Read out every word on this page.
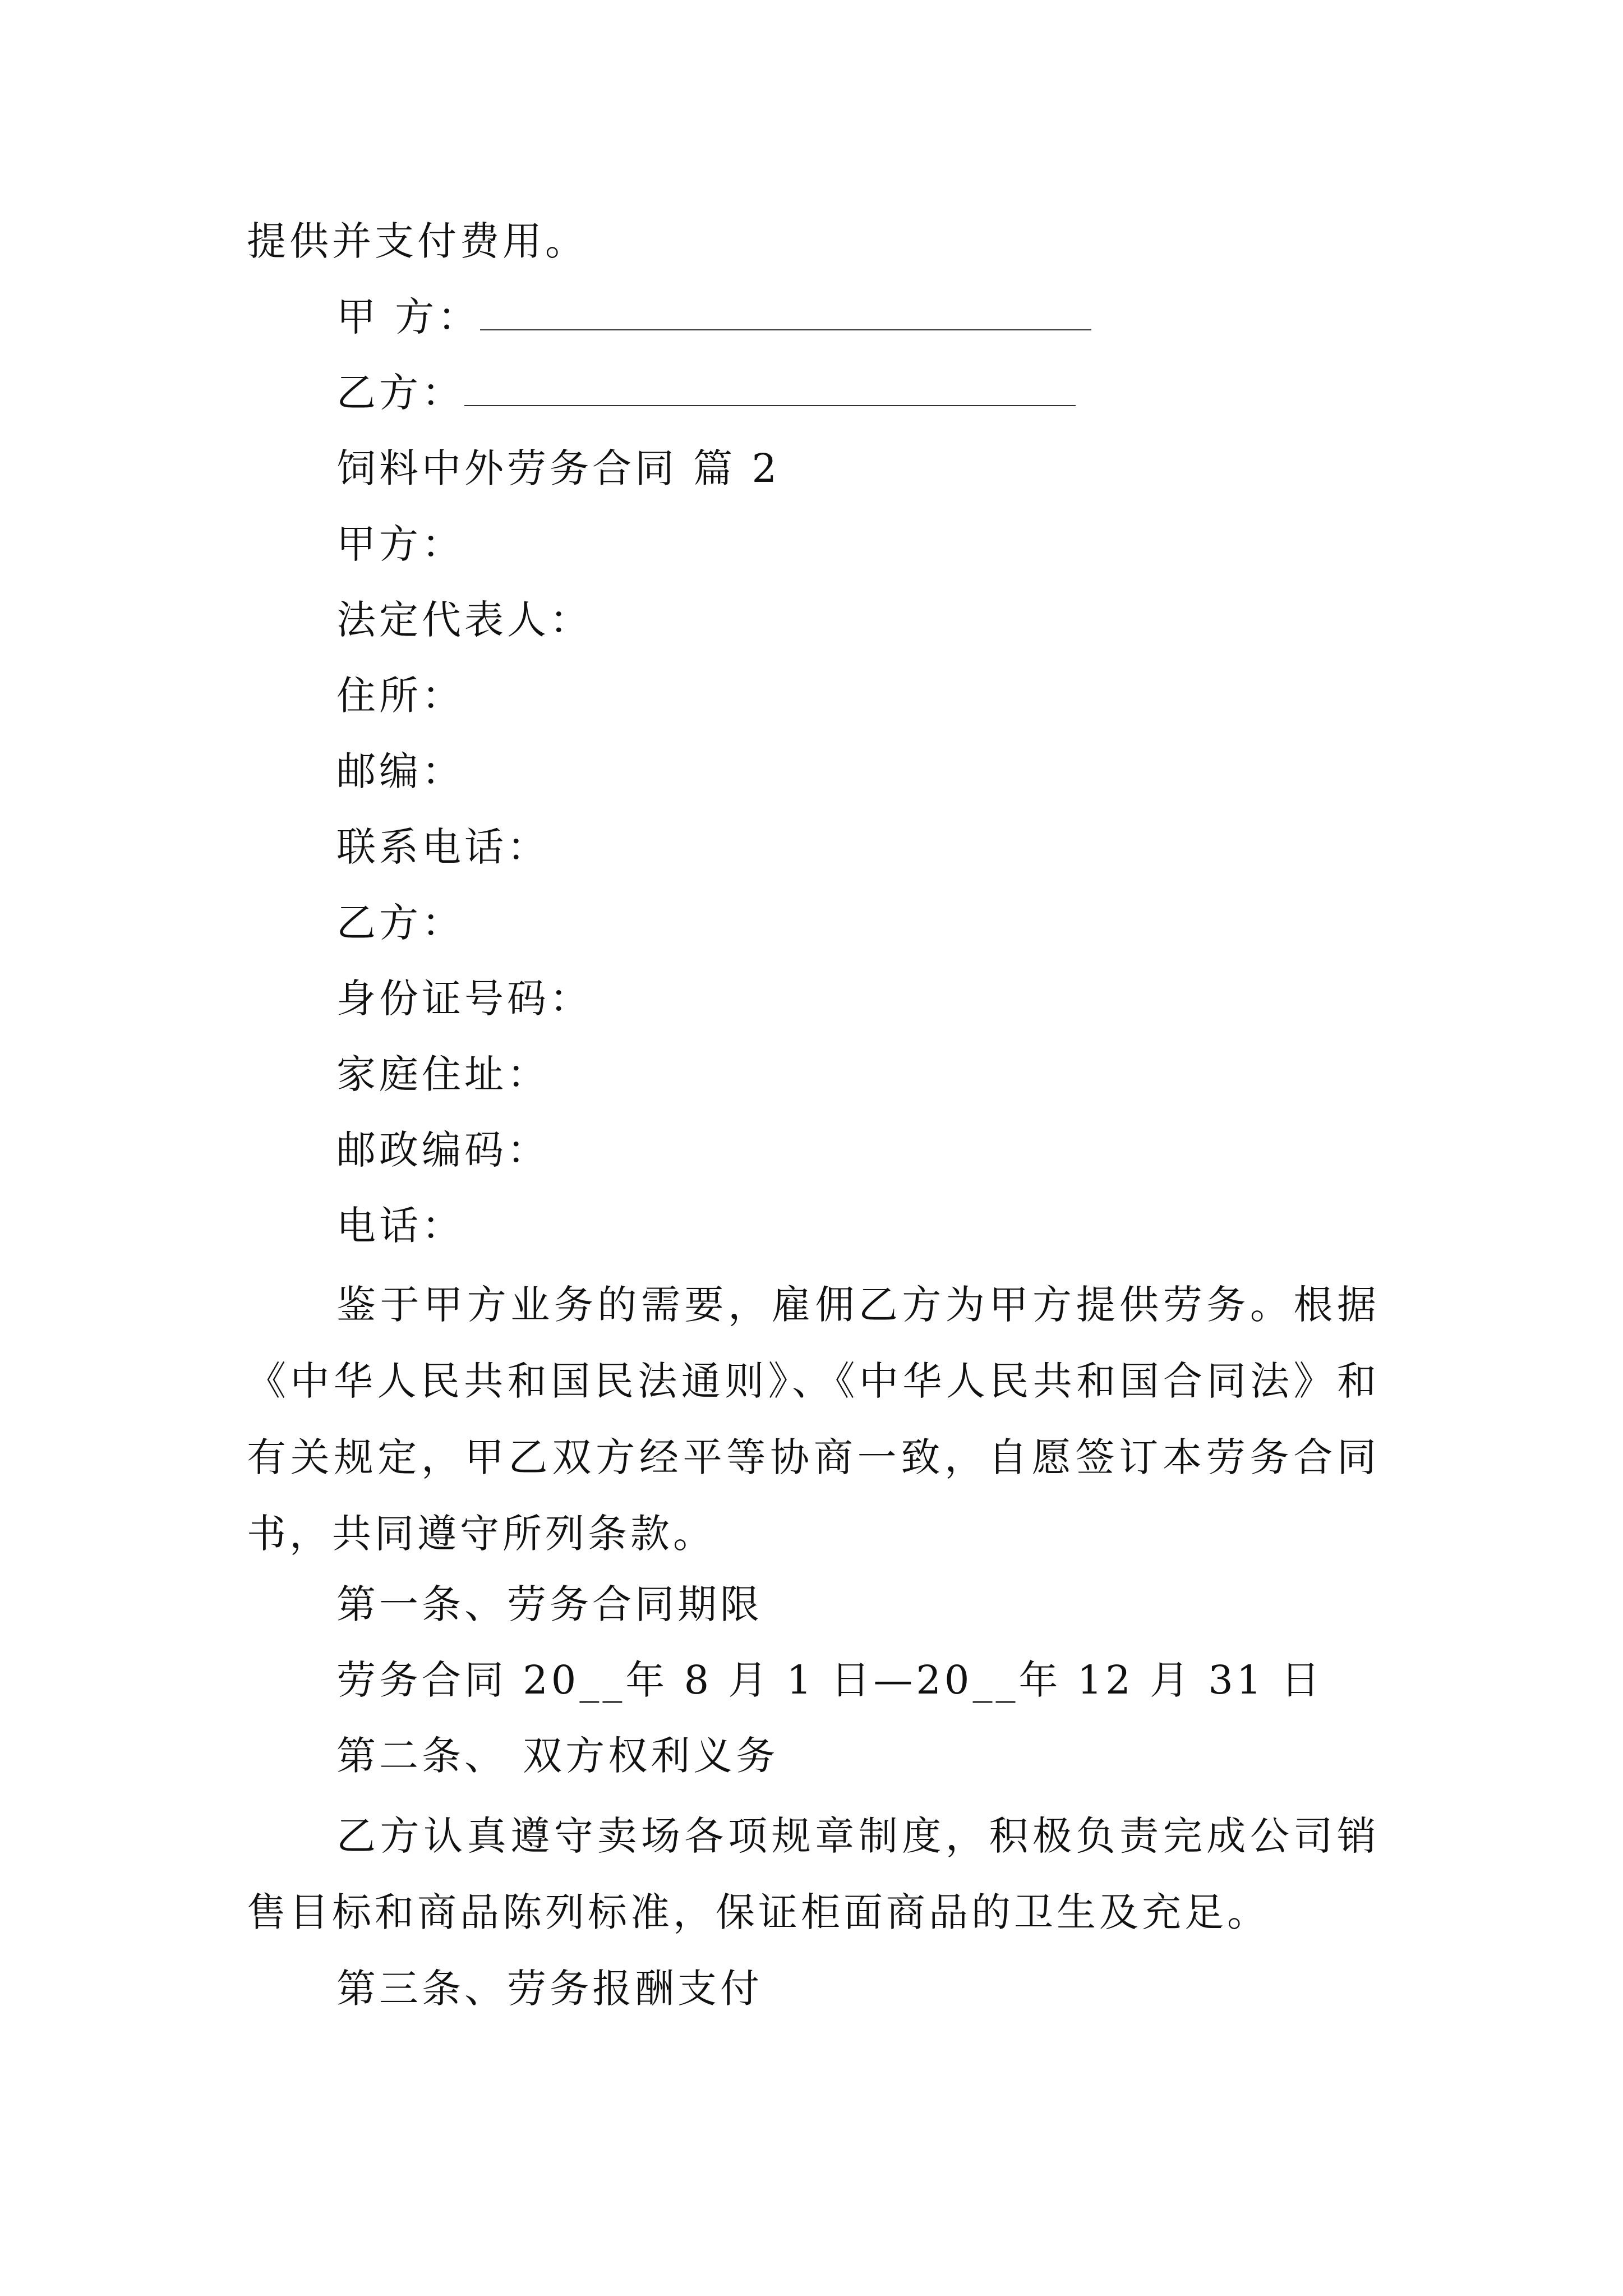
提供并支付费用。
甲 方：
乙方：
饲料中外劳务合同 篇 2
甲方：
法定代表人：
住所：
邮编：
联系电话：
乙方：
身份证号码：
家庭住址：
邮政编码：
电话：
鉴于甲方业务的需要，雇佣乙方为甲方提供劳务。根据《中华人民共和国民法通则》、《中华人民共和国合同法》和有关规定，甲乙双方经平等协商一致，自愿签订本劳务合同书，共同遵守所列条款。
第一条、劳务合同期限
劳务合同 20__年 8 月 1 日—20__年 12 月 31 日
第二条、 双方权利义务
乙方认真遵守卖场各项规章制度，积极负责完成公司销售目标和商品陈列标准，保证柜面商品的卫生及充足。
第三条、劳务报酬支付
